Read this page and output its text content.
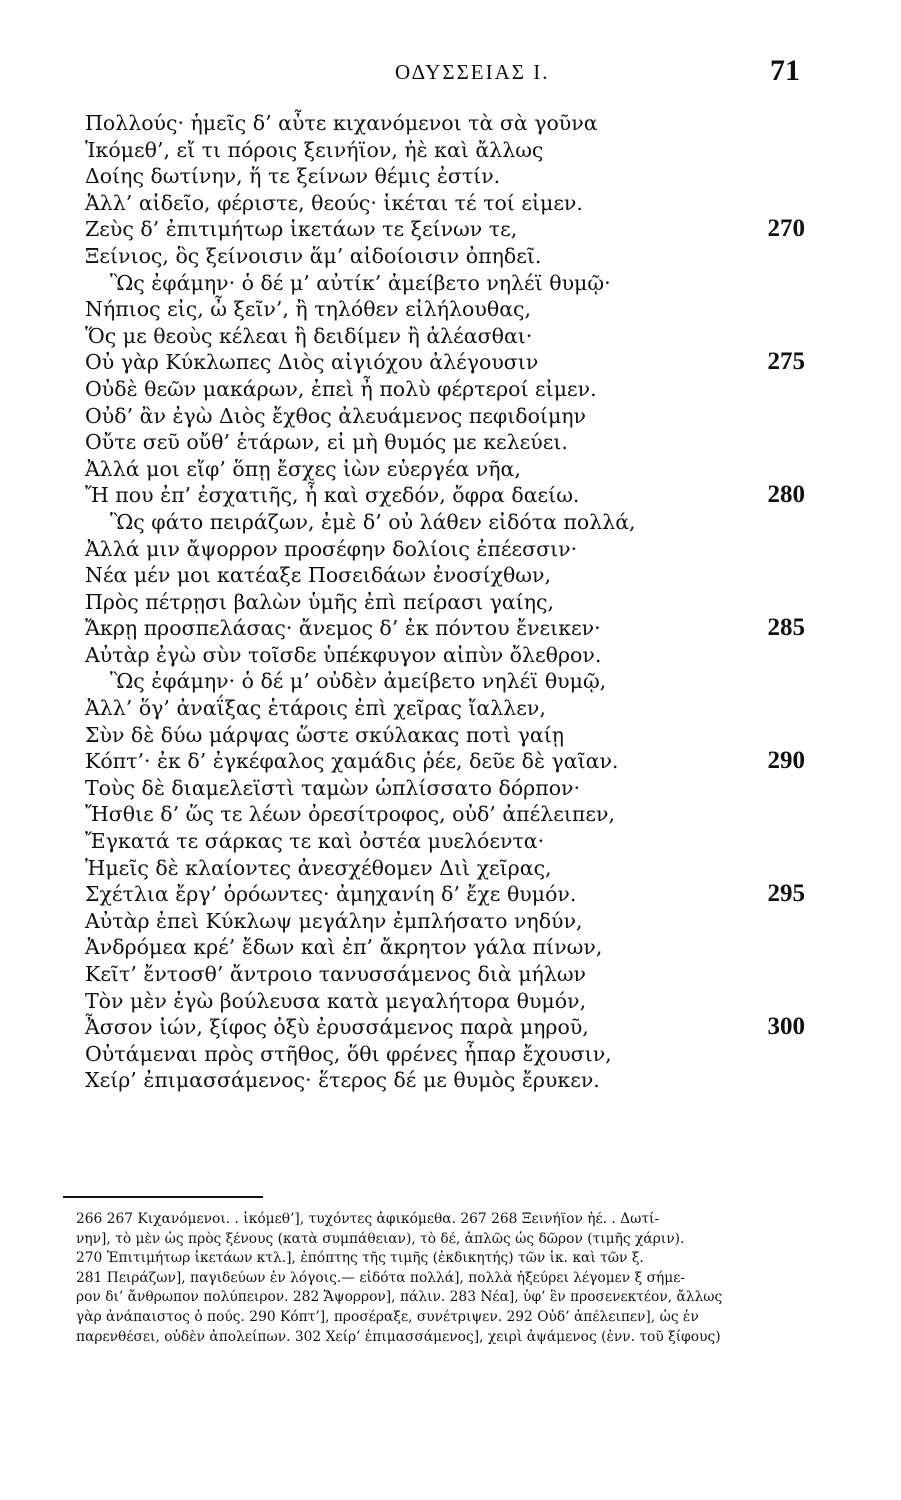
ΟΔΥΣΣΕΙΑΣ Ι.	71
Πολλούς· ἡμεῖς δ’ αὖτε κιχανόμενοι τὰ σὰ γοῦνα
Ἱκόμεθ’, εἴ τι πόροις ξεινήϊον, ἠὲ καὶ ἄλλως
Δοίης δωτίνην, ἥ τε ξείνων θέμις ἐστίν.
Ἀλλ’ αἰδεῖο, φέριστε, θεούς· ἱκέται τέ τοί εἰμεν.
Ζεὺς δ’ ἐπιτιμήτωρ ἱκετάων τε ξείνων τε,	270
Ξείνιος, ὃς ξείνοισιν ἅμ’ αἰδοίοισιν ὀπηδεῖ.
Ὣς ἐφάμην· ὁ δέ μ’ αὐτίκ’ ἀμείβετο νηλέϊ θυμῷ·
Νήπιος εἰς, ὦ ξεῖν’, ἢ τηλόθεν εἰλήλουθας,
Ὅς με θεοὺς κέλεαι ἢ δειδίμεν ἢ ἀλέασθαι·
Οὐ γὰρ Κύκλωπες Διὸς αἰγιόχου ἀλέγουσιν	275
Οὐδὲ θεῶν μακάρων, ἐπεὶ ἦ πολὺ φέρτεροί εἰμεν.
Οὐδ’ ἂν ἐγὼ Διὸς ἔχθος ἀλευάμενος πεφιδοίμην
Οὔτε σεῦ οὔθ’ ἑτάρων, εἰ μὴ θυμός με κελεύει.
Ἀλλά μοι εἴφ’ ὅπῃ ἔσχες ἰὼν εὐεργέα νῆα,
Ἤ που ἐπ’ ἐσχατιῆς, ἦ καὶ σχεδόν, ὄφρα δαείω.	280
Ὣς φάτο πειράζων, ἐμὲ δ’ οὐ λάθεν εἰδότα πολλά,
Ἀλλά μιν ἄψορρον προσέφην δολίοις ἐπέεσσιν·
Νέα μέν μοι κατέαξε Ποσειδάων ἐνοσίχθων,
Πρὸς πέτρῃσι βαλὼν ὑμῆς ἐπὶ πείρασι γαίης,
Ἄκρῃ προσπελάσας· ἄνεμος δ’ ἐκ πόντου ἔνεικεν·	285
Αὐτὰρ ἐγὼ σὺν τοῖσδε ὑπέκφυγον αἰπὺν ὄλεθρον.
Ὣς ἐφάμην· ὁ δέ μ’ οὐδὲν ἀμείβετο νηλέϊ θυμῷ,
Ἀλλ’ ὅγ’ ἀναΐξας ἑτάροις ἐπὶ χεῖρας ἴαλλεν,
Σὺν δὲ δύω μάρψας ὥστε σκύλακας ποτὶ γαίῃ
Κόπτ’· ἐκ δ’ ἐγκέφαλος χαμάδις ῥέε, δεῦε δὲ γαῖαν.	290
Τοὺς δὲ διαμελεϊστὶ ταμὼν ὡπλίσσατο δόρπον·
Ἤσθιε δ’ ὥς τε λέων ὀρεσίτροφος, οὐδ’ ἀπέλειπεν,
Ἔγκατά τε σάρκας τε καὶ ὀστέα μυελόεντα·
Ἡμεῖς δὲ κλαίοντες ἀνεσχέθομεν Διὶ χεῖρας,
Σχέτλια ἔργ’ ὁρόωντες· ἀμηχανίη δ’ ἔχε θυμόν.	295
Αὐτὰρ ἐπεὶ Κύκλωψ μεγάλην ἐμπλήσατο νηδύν,
Ἀνδρόμεα κρέ’ ἔδων καὶ ἐπ’ ἄκρητον γάλα πίνων,
Κεῖτ’ ἔντοσθ’ ἄντροιο τανυσσάμενος διὰ μήλων
Τὸν μὲν ἐγὼ βούλευσα κατὰ μεγαλήτορα θυμόν,
Ἆσσον ἰών, ξίφος ὀξὺ ἐρυσσάμενος παρὰ μηροῦ,	300
Οὐτάμεναι πρὸς στῆθος, ὅθι φρένες ἧπαρ ἔχουσιν,
Χείρ’ ἐπιμασσάμενος· ἕτερος δέ με θυμὸς ἔρυκεν.
266 267 Κιχανόμενοι. . ἱκόμεθ’], τυχόντες ἀφικόμεθα. 267 268 Ξεινήϊον ἠέ. . Δωτί-
νην], τὸ μὲν ὡς πρὸς ξένους (κατὰ συμπάθειαν), τὸ δέ, ἁπλῶς ὡς δῶρον (τιμῆς χάριν).
270 Ἐπιτιμήτωρ ἱκετάων κτλ.], ἐπόπτης τῆς τιμῆς (ἐκδικητής) τῶν ἱκ. καὶ τῶν ξ.
281 Πειράζων], παγιδεύων ἐν λόγοις.— εἰδότα πολλά], πολλὰ ἠξεύρει λέγομεν ξ σήμε-
ρον δι’ ἄνθρωπον πολύπειρον. 282 Ἄψορρον], πάλιν. 283 Νέα], ὑφ’ ἓν προσενεκτέον, ἄλλως
γὰρ ἀνάπαιστος ὁ πούς. 290 Κόπτ’], προσέραξε, συνέτριψεν. 292 Οὐδ’ ἀπέλειπεν], ὡς ἐν
παρενθέσει, οὐδὲν ἀπολείπων. 302 Χείρ’ ἐπιμασσάμενος], χειρὶ ἀψάμενος (ἐνν. τοῦ ξίφους)
